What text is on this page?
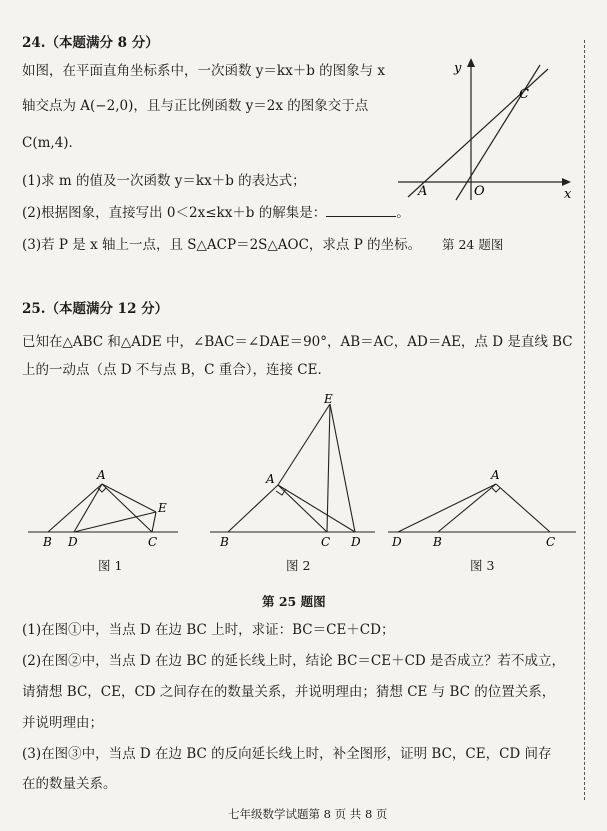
24.（本题满分 8 分）
如图，在平面直角坐标系中，一次函数 y＝kx＋b 的图象与 x
轴交点为 A(−2,0)，且与正比例函数 y＝2x 的图象交于点
C(m,4)．
(1)求 m 的值及一次函数 y＝kx＋b 的表达式；
(2)根据图象，直接写出 0＜2x≤kx＋b 的解集是：	。
(3)若 P 是 x 轴上一点，且 S△ACP＝2S△AOC，求点 P 的坐标。
y
x
A	O
C
第 24 题图
25.（本题满分 12 分）
已知在△ABC 和△ADE 中，∠BAC＝∠DAE＝90°，AB＝AC，AD＝AE，点 D 是直线 BC
上的一动点（点 D 不与点 B，C 重合），连接 CE．
A
B D	C
E
图 1
E
A
B	C D
图 2
A
D	B	C
图 3
第 25 题图
(1)在图①中，当点 D 在边 BC 上时，求证：BC＝CE＋CD；
(2)在图②中，当点 D 在边 BC 的延长线上时，结论 BC＝CE＋CD 是否成立？若不成立，
请猜想 BC，CE，CD 之间存在的数量关系，并说明理由；猜想 CE 与 BC 的位置关系，
并说明理由；
(3)在图③中，当点 D 在边 BC 的反向延长线上时，补全图形，证明 BC，CE，CD 间存
在的数量关系。
七年级数学试题第 8 页 共 8 页
